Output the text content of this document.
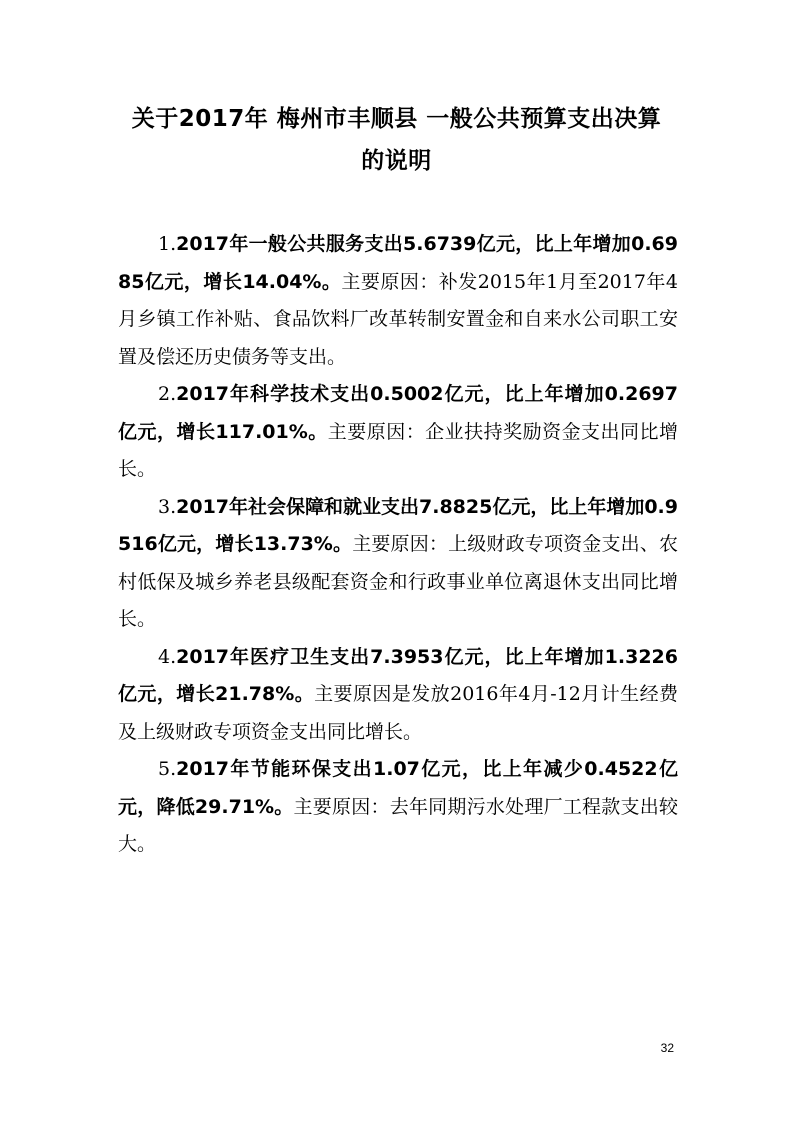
关于2017年 梅州市丰顺县 一般公共预算支出决算
的说明

1.2017年一般公共服务支出5.6739亿元，比上年增加0.6985亿元，增长14.04%。主要原因：补发2015年1月至2017年4月乡镇工作补贴、食品饮料厂改革转制安置金和自来水公司职工安置及偿还历史债务等支出。

2.2017年科学技术支出0.5002亿元，比上年增加0.2697亿元，增长117.01%。主要原因：企业扶持奖励资金支出同比增长。

3.2017年社会保障和就业支出7.8825亿元，比上年增加0.9516亿元，增长13.73%。主要原因：上级财政专项资金支出、农村低保及城乡养老县级配套资金和行政事业单位离退休支出同比增长。

4.2017年医疗卫生支出7.3953亿元，比上年增加1.3226亿元，增长21.78%。主要原因是发放2016年4月-12月计生经费及上级财政专项资金支出同比增长。

5.2017年节能环保支出1.07亿元，比上年减少0.4522亿元，降低29.71%。主要原因：去年同期污水处理厂工程款支出较大。

32
